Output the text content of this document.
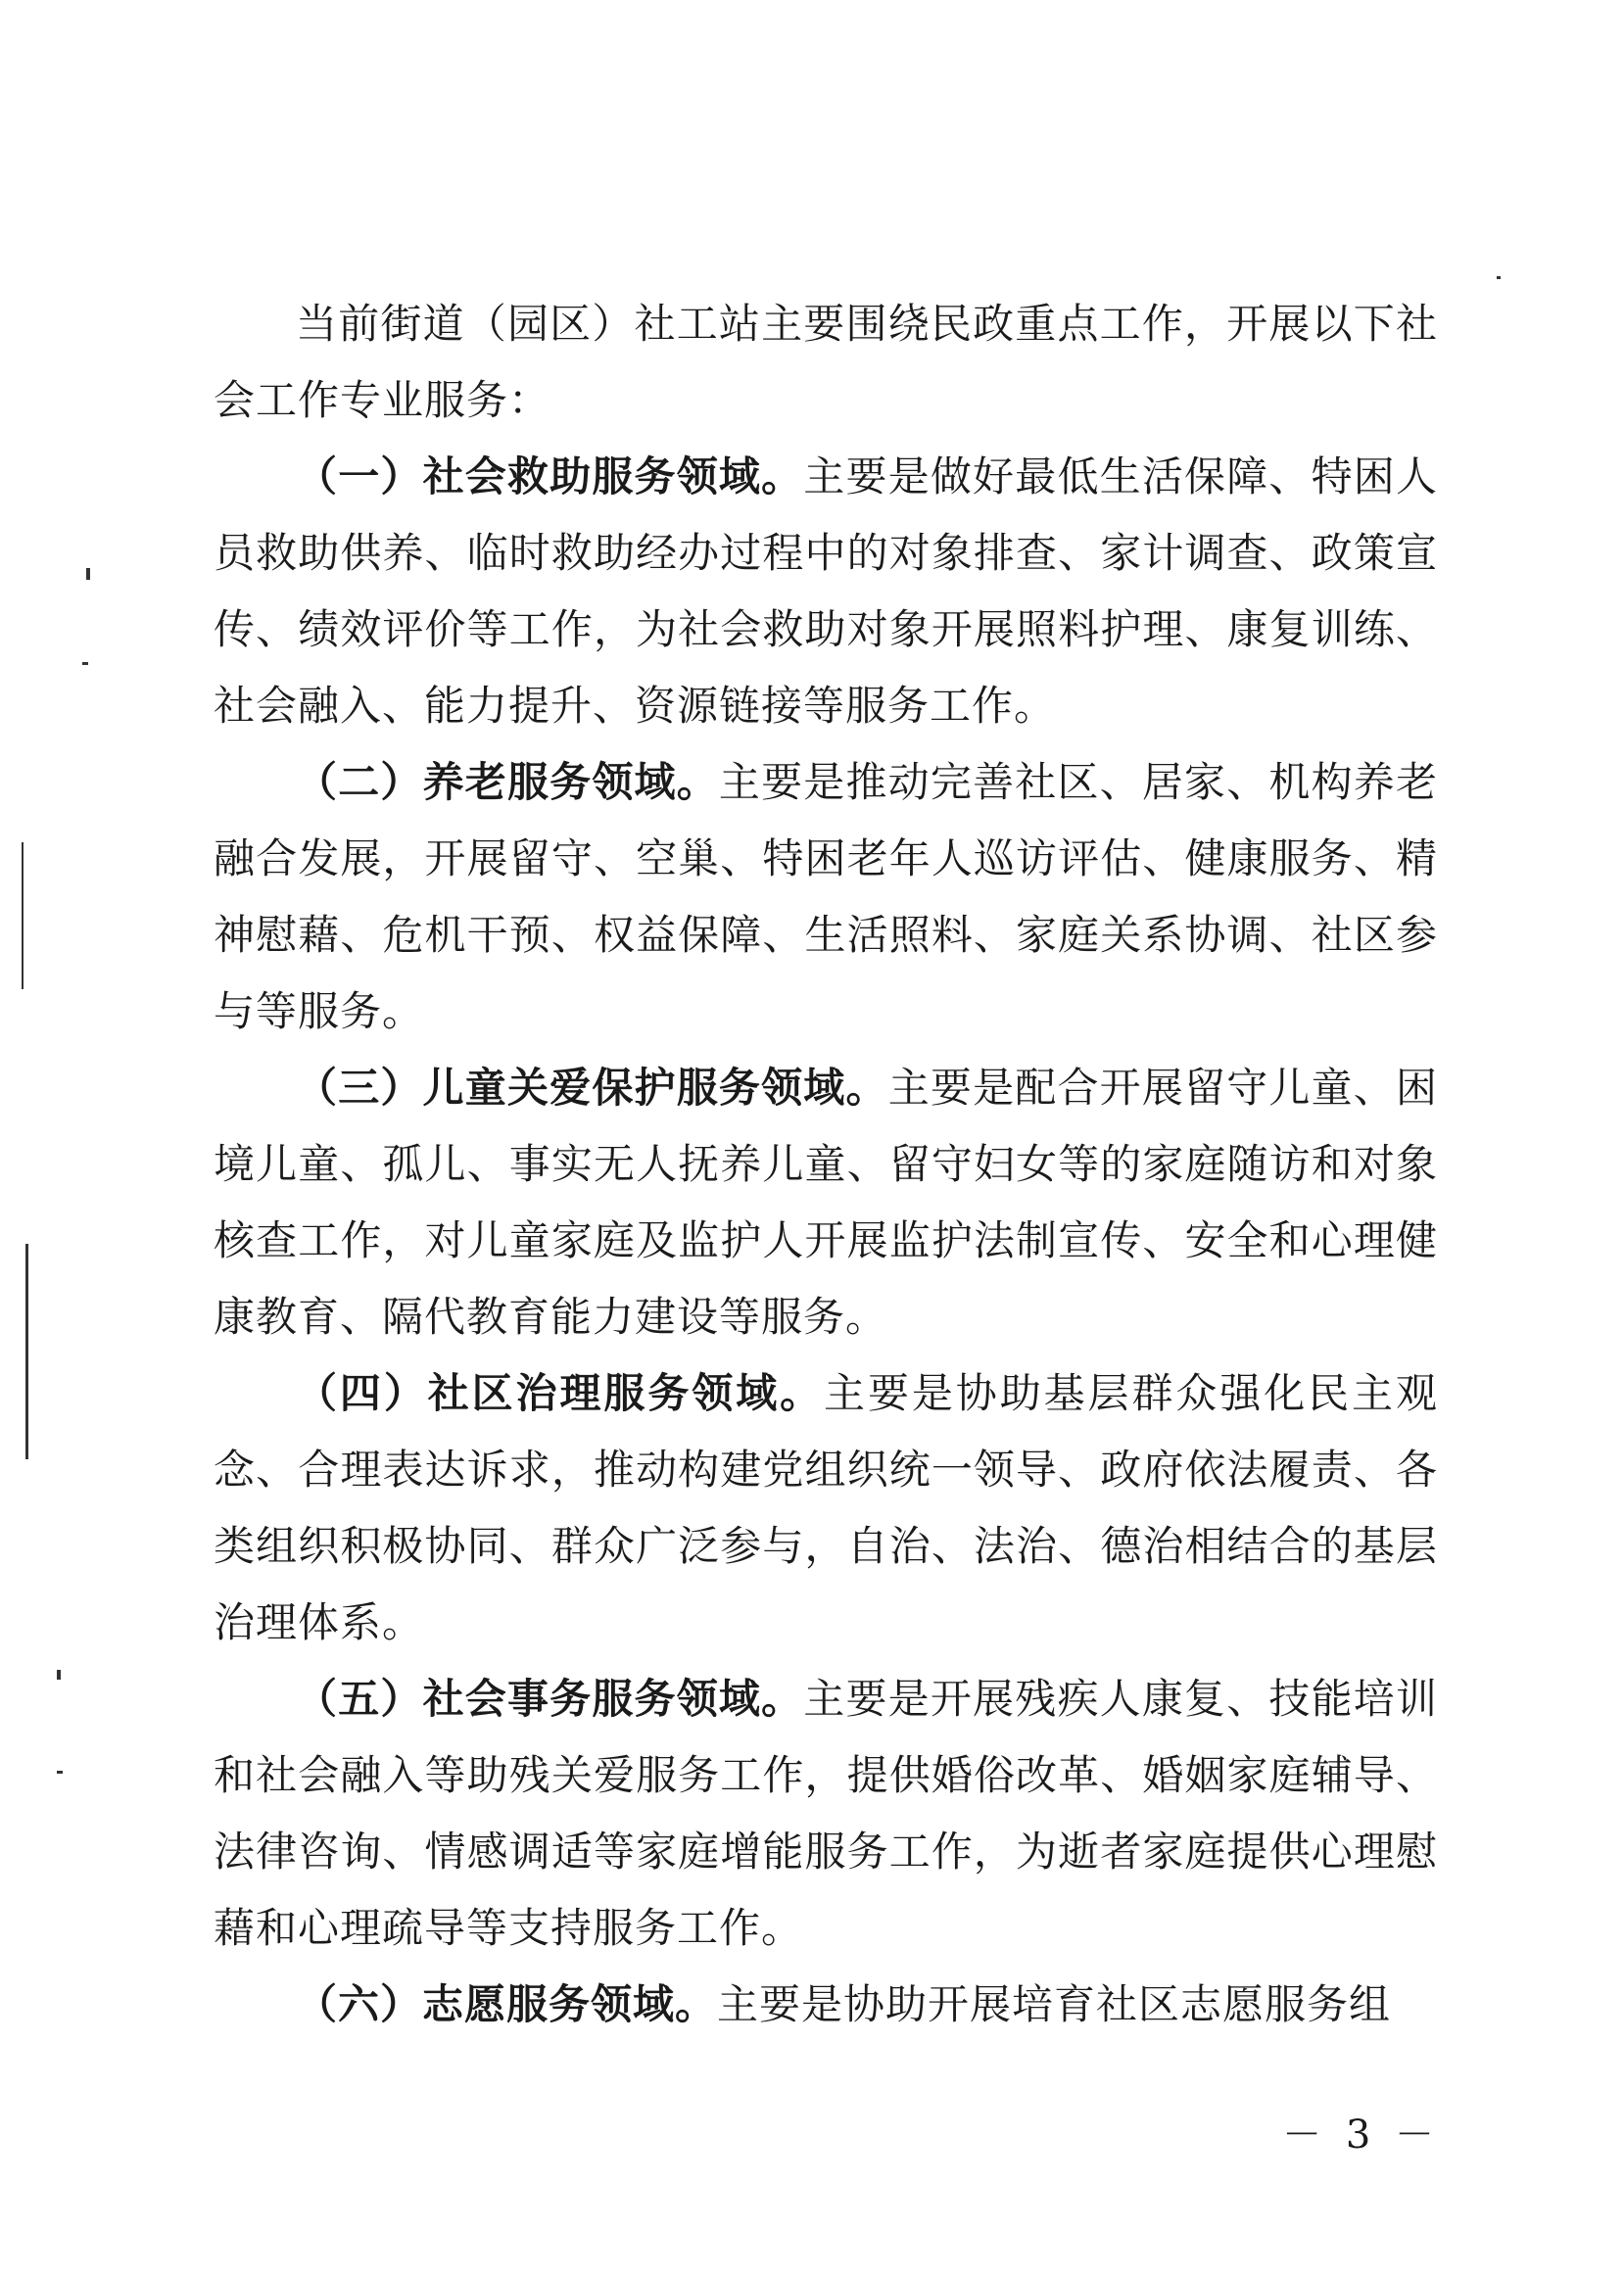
当前街道（园区）社工站主要围绕民政重点工作，开展以下社会工作专业服务：

（一）社会救助服务领域。主要是做好最低生活保障、特困人员救助供养、临时救助经办过程中的对象排查、家计调查、政策宣传、绩效评价等工作，为社会救助对象开展照料护理、康复训练、社会融入、能力提升、资源链接等服务工作。

（二）养老服务领域。主要是推动完善社区、居家、机构养老融合发展，开展留守、空巢、特困老年人巡访评估、健康服务、精神慰藉、危机干预、权益保障、生活照料、家庭关系协调、社区参与等服务。

（三）儿童关爱保护服务领域。主要是配合开展留守儿童、困境儿童、孤儿、事实无人抚养儿童、留守妇女等的家庭随访和对象核查工作，对儿童家庭及监护人开展监护法制宣传、安全和心理健康教育、隔代教育能力建设等服务。

（四）社区治理服务领域。主要是协助基层群众强化民主观念、合理表达诉求，推动构建党组织统一领导、政府依法履责、各类组织积极协同、群众广泛参与，自治、法治、德治相结合的基层治理体系。

（五）社会事务服务领域。主要是开展残疾人康复、技能培训和社会融入等助残关爱服务工作，提供婚俗改革、婚姻家庭辅导、法律咨询、情感调适等家庭增能服务工作，为逝者家庭提供心理慰藉和心理疏导等支持服务工作。

（六）志愿服务领域。主要是协助开展培育社区志愿服务组

－ 3 －
